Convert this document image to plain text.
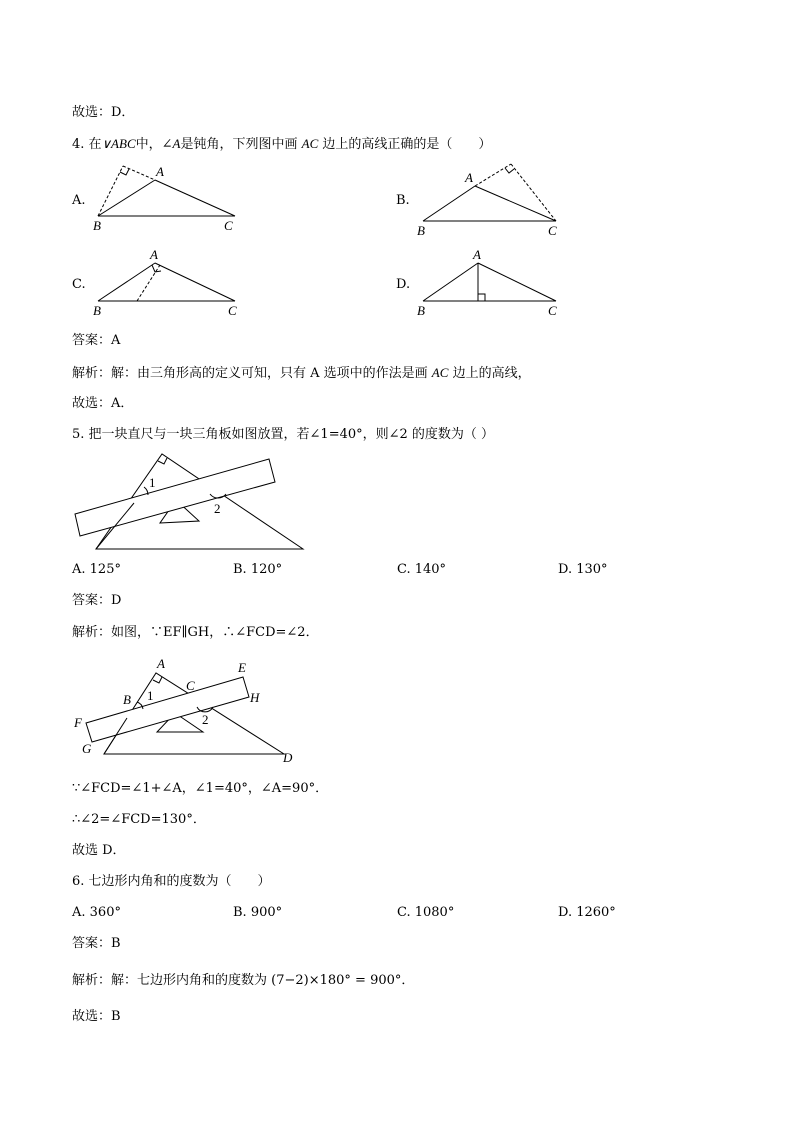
故选：D．
4. 在∨ABC中，∠A是钝角，下列图中画 AC 边上的高线正确的是（　　）
A.	B.
C.	D.
A
B	C
A
B	C
A
B	C
A
B	C
答案：A
解析：解：由三角形高的定义可知，只有 A 选项中的作法是画 AC 边上的高线，
故选：A．
5. 把一块直尺与一块三角板如图放置，若∠1=40°，则∠2 的度数为（ ）
1
2
A. 125°	B. 120°	C. 140°	D. 130°
答案：D
解析：如图，∵EF∥GH，∴∠FCD=∠2．
A
B
C
D
E
F
G
H
1
2
∵∠FCD=∠1+∠A，∠1=40°，∠A=90°．
∴∠2=∠FCD=130°．
故选 D．
6. 七边形内角和的度数为（　　）
A. 360°	B. 900°	C. 1080°	D. 1260°
答案：B
解析：解：七边形内角和的度数为 (7−2)×180° = 900°．
故选：B
